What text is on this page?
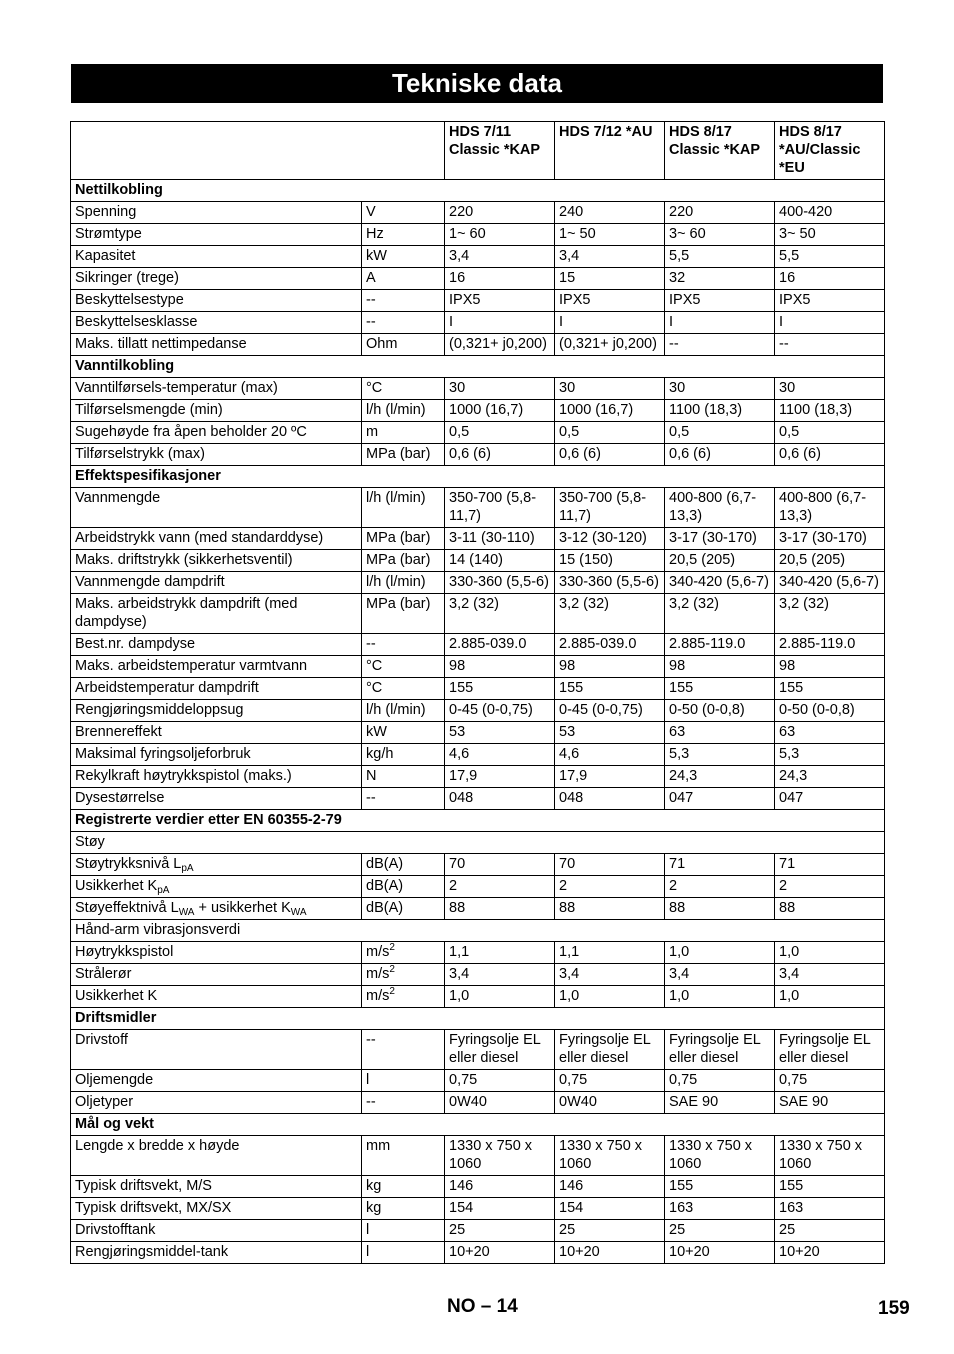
Tekniske data
		HDS 7/11 Classic *KAP	HDS 7/12 *AU	HDS 8/17 Classic *KAP	HDS 8/17 *AU/Classic *EU
Nettilkobling					
Spenning	V	220	240	220	400-420
Strømtype	Hz	1~ 60	1~ 50	3~ 60	3~ 50
Kapasitet	kW	3,4	3,4	5,5	5,5
Sikringer (trege)	A	16	15	32	16
Beskyttelsestype	--	IPX5	IPX5	IPX5	IPX5
Beskyttelsesklasse	--	I	I	I	I
Maks. tillatt nettimpedanse	Ohm	(0,321+ j0,200)	(0,321+ j0,200)	--	--
Vanntilkobling					
Vanntilførsels-temperatur (max)	°C	30	30	30	30
Tilførselsmengde (min)	l/h (l/min)	1000 (16,7)	1000 (16,7)	1100 (18,3)	1100 (18,3)
Sugehøyde fra åpen beholder 20 ºC	m	0,5	0,5	0,5	0,5
Tilførselstrykk (max)	MPa (bar)	0,6 (6)	0,6 (6)	0,6 (6)	0,6 (6)
Effektspesifikasjoner					
Vannmengde	l/h (l/min)	350-700 (5,8-11,7)	350-700 (5,8-11,7)	400-800 (6,7-13,3)	400-800 (6,7-13,3)
Arbeidstrykk vann (med standarddyse)	MPa (bar)	3-11 (30-110)	3-12 (30-120)	3-17 (30-170)	3-17 (30-170)
Maks. driftstrykk (sikkerhetsventil)	MPa (bar)	14 (140)	15 (150)	20,5 (205)	20,5 (205)
Vannmengde dampdrift	l/h (l/min)	330-360 (5,5-6)	330-360 (5,5-6)	340-420 (5,6-7)	340-420 (5,6-7)
Maks. arbeidstrykk dampdrift (med dampdyse)	MPa (bar)	3,2 (32)	3,2 (32)	3,2 (32)	3,2 (32)
Best.nr. dampdyse	--	2.885-039.0	2.885-039.0	2.885-119.0	2.885-119.0
Maks. arbeidstemperatur varmtvann	°C	98	98	98	98
Arbeidstemperatur dampdrift	°C	155	155	155	155
Rengjøringsmiddeloppsug	l/h (l/min)	0-45 (0-0,75)	0-45 (0-0,75)	0-50 (0-0,8)	0-50 (0-0,8)
Brennereffekt	kW	53	53	63	63
Maksimal fyringsoljeforbruk	kg/h	4,6	4,6	5,3	5,3
Rekylkraft høytrykkspistol (maks.)	N	17,9	17,9	24,3	24,3
Dysestørrelse	--	048	048	047	047
Registrerte verdier etter EN 60355-2-79					
Støy					
Støytrykksnivå $L_{pA}$	dB(A)	70	70	71	71
Usikkerhet $K_{pA}$	dB(A)	2	2	2	2
Støyeffektnivå $L_{WA}$ + usikkerhet $K_{WA}$	dB(A)	88	88	88	88
Hånd-arm vibrasjonsverdi					
Høytrykkspistol	$m/s^2$	1,1	1,1	1,0	1,0
Strålerør	$m/s^2$	3,4	3,4	3,4	3,4
Usikkerhet K	$m/s^2$	1,0	1,0	1,0	1,0
Driftsmidler					
Drivstoff	--	Fyringsolje EL eller diesel	Fyringsolje EL eller diesel	Fyringsolje EL eller diesel	Fyringsolje EL eller diesel
Oljemengde	l	0,75	0,75	0,75	0,75
Oljetyper	--	0W40	0W40	SAE 90	SAE 90
Mål og vekt					
Lengde x bredde x høyde	mm	1330 x 750 x 1060	1330 x 750 x 1060	1330 x 750 x 1060	1330 x 750 x 1060
Typisk driftsvekt, M/S	kg	146	146	155	155
Typisk driftsvekt, MX/SX	kg	154	154	163	163
Drivstofftank	l	25	25	25	25
Rengjøringsmiddel-tank	l	10+20	10+20	10+20	10+20
NO – 14	159
